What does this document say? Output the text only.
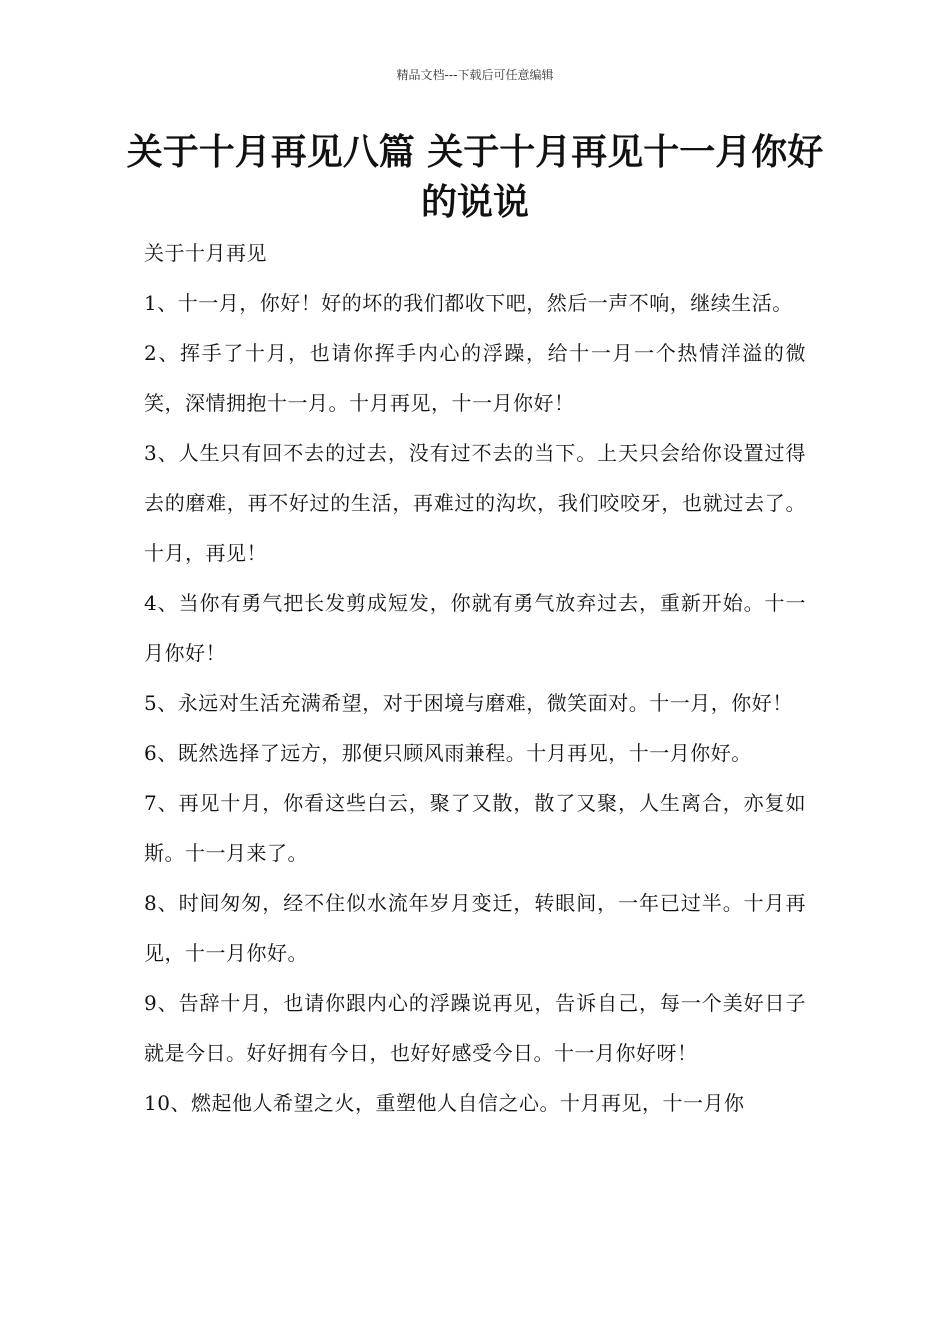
精品文档---下载后可任意编辑
关于十月再见八篇 关于十月再见十一月你好的说说

关于十月再见

1、十一月，你好！好的坏的我们都收下吧，然后一声不响，继续生活。

2、挥手了十月，也请你挥手内心的浮躁，给十一月一个热情洋溢的微笑，深情拥抱十一月。十月再见，十一月你好！

3、人生只有回不去的过去，没有过不去的当下。上天只会给你设置过得去的磨难，再不好过的生活，再难过的沟坎，我们咬咬牙，也就过去了。十月，再见！

4、当你有勇气把长发剪成短发，你就有勇气放弃过去，重新开始。十一月你好！

5、永远对生活充满希望，对于困境与磨难，微笑面对。十一月，你好！

6、既然选择了远方，那便只顾风雨兼程。十月再见，十一月你好。

7、再见十月，你看这些白云，聚了又散，散了又聚，人生离合，亦复如斯。十一月来了。

8、时间匆匆，经不住似水流年岁月变迁，转眼间，一年已过半。十月再见，十一月你好。

9、告辞十月，也请你跟内心的浮躁说再见，告诉自己，每一个美好日子就是今日。好好拥有今日，也好好感受今日。十一月你好呀！

10、燃起他人希望之火，重塑他人自信之心。十月再见，十一月你
